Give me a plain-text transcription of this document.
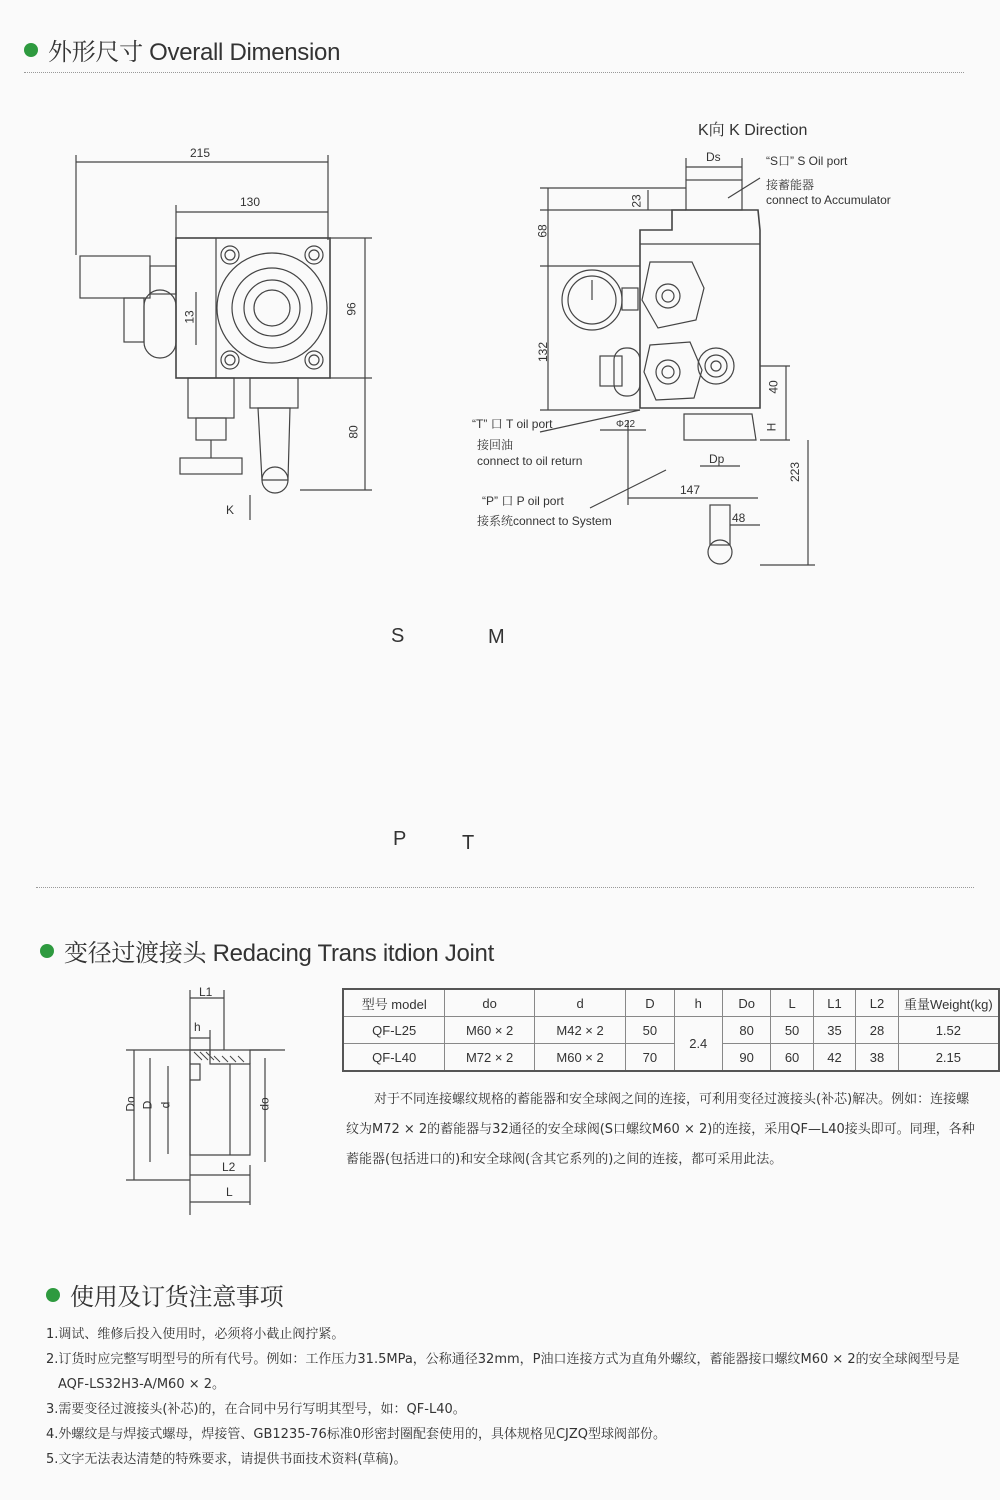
外形尺寸 Overall Dimension
215
130
96
13
80
K
K向 K Direction
Ds	“S口” S Oil port
接蓄能器
connect to Accumulator
23
68
132
“T” 口 T oil port
接回油
connect to oil return
Φ22
40
H
Dp
147
223
“P” 口 P oil port
接系统connect to System	48
S	M
P	T
变径过渡接头 Redacing Trans itdion Joint
L1
h
Do D d	do
L2
L
型号 model	do	d	D	h	Do	L	L1	L2	重量Weight(kg)
QF-L25	M60 × 2	M42 × 2	50	2.4	80	50	35	28	1.52
QF-L40	M72 × 2	M60 × 2	70		90	60	42	38	2.15

对于不同连接螺纹规格的蓄能器和安全球阀之间的连接，可利用变径过渡接头(补芯)解决。例如：连接螺纹为M72 × 2的蓄能器与32通径的安全球阀(S口螺纹M60 × 2)的连接，采用QF—L40接头即可。同理，各种蓄能器(包括进口的)和安全球阀(含其它系列的)之间的连接，都可采用此法。

使用及订货注意事项
1.调试、维修后投入使用时，必须将小截止阀拧紧。
2.订货时应完整写明型号的所有代号。例如：工作压力31.5MPa，公称通径32mm，P油口连接方式为直角外螺纹，蓄能器接口螺纹M60 × 2的安全球阀型号是
AQF-LS32H3-A/M60 × 2。
3.需要变径过渡接头(补芯)的，在合同中另行写明其型号，如：QF-L40。
4.外螺纹是与焊接式螺母，焊接管、GB1235-76标准0形密封圈配套使用的，具体规格见CJZQ型球阀部份。
5.文字无法表达清楚的特殊要求，请提供书面技术资料(草稿)。
